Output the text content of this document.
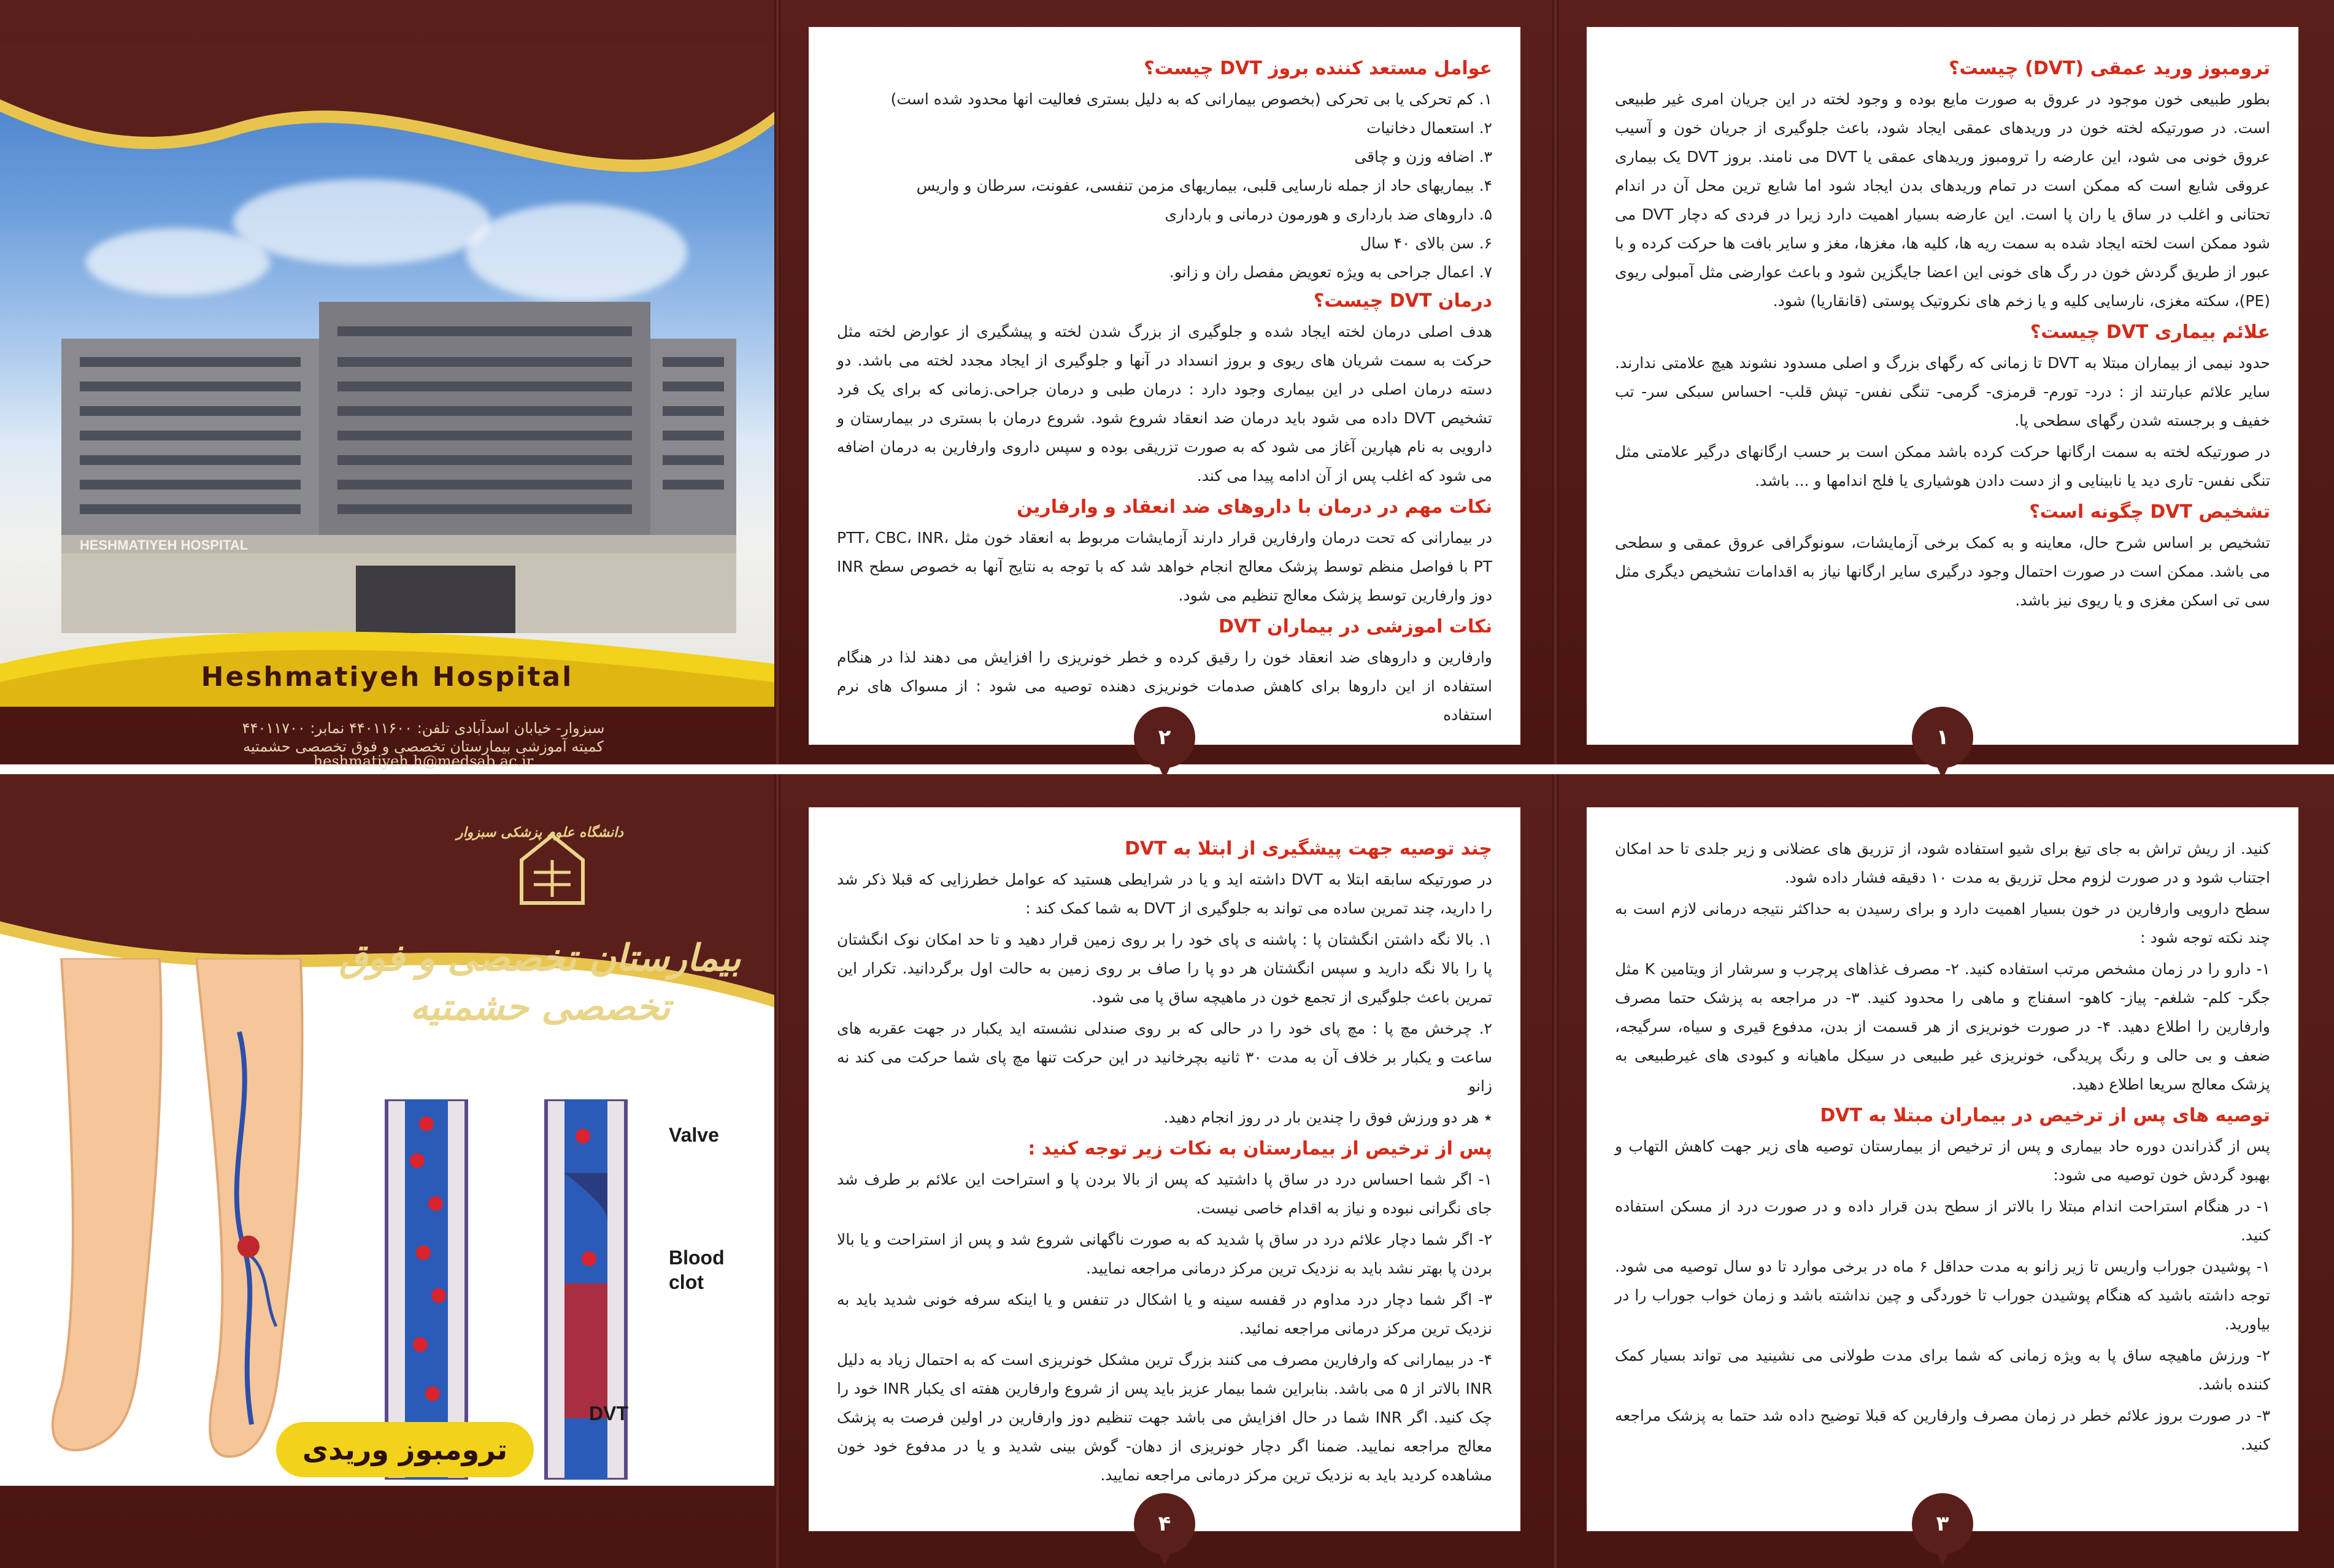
HESHMATIYEH HOSPITAL
Heshmatiyeh Hospital
سبزوار- خیابان اسدآبادی تلفن: ۴۴۰۱۱۶۰۰ نمابر: ۴۴۰۱۱۷۰۰
کمیته آموزشی بیمارستان تخصصی و فوق تخصصی حشمتیه
heshmatiyeh.h@medsab.ac.ir
عوامل مستعد کننده بروز DVT چیست؟

۱. کم تحرکی یا بی تحرکی (بخصوص بیمارانی که به دلیل بستری فعالیت انها محدود شده است)

۲. استعمال دخانیات

۳. اضافه وزن و چاقی

۴. بیماریهای حاد از جمله نارسایی قلبی، بیماریهای مزمن تنفسی، عفونت، سرطان و واریس

۵. داروهای ضد بارداری و هورمون درمانی و بارداری

۶. سن بالای ۴۰ سال

۷. اعمال جراحی به ویژه تعویض مفصل ران و زانو.

درمان DVT چیست؟

هدف اصلی درمان لخته ایجاد شده و جلوگیری از بزرگ شدن لخته و پیشگیری از عوارض لخته مثل حرکت به سمت شریان های ریوی و بروز انسداد در آنها و جلوگیری از ایجاد مجدد لخته می باشد. دو دسته درمان اصلی در این بیماری وجود دارد : درمان طبی و درمان جراحی.زمانی که برای یک فرد تشخیص DVT داده می شود باید درمان ضد انعقاد شروع شود. شروع درمان با بستری در بیمارستان و دارویی به نام هپارین آغاز می شود که به صورت تزریقی بوده و سپس داروی وارفارین به درمان اضافه می شود که اغلب پس از آن ادامه پیدا می کند.

نکات مهم در درمان با داروهای ضد انعقاد و وارفارین

در بیمارانی که تحت درمان وارفارین قرار دارند آزمایشات مربوط به انعقاد خون مثل PTT، CBC، INR، PT با فواصل منظم توسط پزشک معالج انجام خواهد شد که با توجه به نتایج آنها به خصوص سطح INR دوز وارفارین توسط پزشک معالج تنظیم می شود.

نکات اموزشی در بیماران DVT

وارفارین و داروهای ضد انعقاد خون را رقیق کرده و خطر خونریزی را افزایش می دهند لذا در هنگام استفاده از این داروها برای کاهش صدمات خونریزی دهنده توصیه می شود : از مسواک های نرم استفاده

۲
ترومبوز ورید عمقی (DVT) چیست؟

بطور طبیعی خون موجود در عروق به صورت مایع بوده و وجود لخته در این جریان امری غیر طبیعی است. در صورتیکه لخته خون در وریدهای عمقی ایجاد شود، باعث جلوگیری از جریان خون و آسیب عروق خونی می شود، این عارضه را ترومبوز وریدهای عمقی یا DVT می نامند. بروز DVT یک بیماری عروقی شایع است که ممکن است در تمام وریدهای بدن ایجاد شود اما شایع ترین محل آن در اندام تحتانی و اغلب در ساق یا ران پا است. این عارضه بسیار اهمیت دارد زیرا در فردی که دچار DVT می شود ممکن است لخته ایجاد شده به سمت ریه ها، کلیه ها، مغزها، مغز و سایر بافت ها حرکت کرده و با عبور از طریق گردش خون در رگ های خونی این اعضا جایگزین شود و باعث عوارضی مثل آمبولی ریوی (PE)، سکته مغزی، نارسایی کلیه و یا زخم های نکروتیک پوستی (قانقاریا) شود.

علائم بیماری DVT چیست؟

حدود نیمی از بیماران مبتلا به DVT تا زمانی که رگهای بزرگ و اصلی مسدود نشوند هیچ علامتی ندارند. سایر علائم عبارتند از : درد- تورم- قرمزی- گرمی- تنگی نفس- تپش قلب- احساس سبکی سر- تب خفیف و برجسته شدن رگهای سطحی پا.

در صورتیکه لخته به سمت ارگانها حرکت کرده باشد ممکن است بر حسب ارگانهای درگیر علامتی مثل تنگی نفس- تاری دید یا نابینایی و از دست دادن هوشیاری یا فلج اندامها و ... باشد.

تشخیص DVT چگونه است؟

تشخیص بر اساس شرح حال، معاینه و به کمک برخی آزمایشات، سونوگرافی عروق عمقی و سطحی می باشد. ممکن است در صورت احتمال وجود درگیری سایر ارگانها نیاز به اقدامات تشخیص دیگری مثل سی تی اسکن مغزی و یا ریوی نیز باشد.

۱
دانشگاه علوم پزشکی سبزوار
بیمارستان تخصصی و فوق تخصصی حشمتیه
Valve
Blood clot
DVT
ترومبوز وریدی
چند توصیه جهت پیشگیری از ابتلا به DVT

در صورتیکه سابقه ابتلا به DVT داشته اید و یا در شرایطی هستید که عوامل خطرزایی که قبلا ذکر شد را دارید، چند تمرین ساده می تواند به جلوگیری از DVT به شما کمک کند :

۱. بالا نگه داشتن انگشتان پا : پاشنه ی پای خود را بر روی زمین قرار دهید و تا حد امکان نوک انگشتان پا را بالا نگه دارید و سپس انگشتان هر دو پا را صاف بر روی زمین به حالت اول برگردانید. تکرار این تمرین باعث جلوگیری از تجمع خون در ماهیچه ساق پا می شود.

۲. چرخش مچ پا : مچ پای خود را در حالی که بر روی صندلی نشسته اید یکبار در جهت عقربه های ساعت و یکبار بر خلاف آن به مدت ۳۰ ثانیه بچرخانید در این حرکت تنها مچ پای شما حرکت می کند نه زانو

٭ هر دو ورزش فوق را چندین بار در روز انجام دهید.

پس از ترخیص از بیمارستان به نکات زیر توجه کنید :

۱- اگر شما احساس درد در ساق پا داشتید که پس از بالا بردن پا و استراحت این علائم بر طرف شد جای نگرانی نبوده و نیاز به اقدام خاصی نیست.

۲- اگر شما دچار علائم درد در ساق پا شدید که به صورت ناگهانی شروع شد و پس از استراحت و یا بالا بردن پا بهتر نشد باید به نزدیک ترین مرکز درمانی مراجعه نمایید.

۳- اگر شما دچار درد مداوم در قفسه سینه و یا اشکال در تنفس و یا اینکه سرفه خونی شدید باید به نزدیک ترین مرکز درمانی مراجعه نمائید.

۴- در بیمارانی که وارفارین مصرف می کنند بزرگ ترین مشکل خونریزی است که به احتمال زیاد به دلیل INR بالاتر از ۵ می باشد. بنابراین شما بیمار عزیز باید پس از شروع وارفارین هفته ای یکبار INR خود را چک کنید. اگر INR شما در حال افزایش می باشد جهت تنظیم دوز وارفارین در اولین فرصت به پزشک معالج مراجعه نمایید. ضمنا اگر دچار خونریزی از دهان- گوش بینی شدید و یا در مدفوع خود خون مشاهده کردید باید به نزدیک ترین مرکز درمانی مراجعه نمایید.

۴

کنید. از ریش تراش به جای تیغ برای شیو استفاده شود، از تزریق های عضلانی و زیر جلدی تا حد امکان اجتناب شود و در صورت لزوم محل تزریق به مدت ۱۰ دقیقه فشار داده شود.

سطح دارویی وارفارین در خون بسیار اهمیت دارد و برای رسیدن به حداکثر نتیجه درمانی لازم است به چند نکته توجه شود :

۱- دارو را در زمان مشخص مرتب استفاده کنید. ۲- مصرف غذاهای پرچرب و سرشار از ویتامین K مثل جگر- کلم- شلغم- پیاز- کاهو- اسفناج و ماهی را محدود کنید. ۳- در مراجعه به پزشک حتما مصرف وارفارین را اطلاع دهید. ۴- در صورت خونریزی از هر قسمت از بدن، مدفوع قیری و سیاه، سرگیجه، ضعف و بی حالی و رنگ پریدگی، خونریزی غیر طبیعی در سیکل ماهیانه و کبودی های غیرطبیعی به پزشک معالج سریعا اطلاع دهید.

توصیه های پس از ترخیص در بیماران مبتلا به DVT

پس از گذراندن دوره حاد بیماری و پس از ترخیص از بیمارستان توصیه های زیر جهت کاهش التهاب و بهبود گردش خون توصیه می شود:

۱- در هنگام استراحت اندام مبتلا را بالاتر از سطح بدن قرار داده و در صورت درد از مسکن استفاده کنید.

۱- پوشیدن جوراب واریس تا زیر زانو به مدت حداقل ۶ ماه در برخی موارد تا دو سال توصیه می شود. توجه داشته باشید که هنگام پوشیدن جوراب تا خوردگی و چین نداشته باشد و زمان خواب جوراب را در بیاورید.

۲- ورزش ماهیچه ساق پا به ویژه زمانی که شما برای مدت طولانی می نشینید می تواند بسیار کمک کننده باشد.

۳- در صورت بروز علائم خطر در زمان مصرف وارفارین که قبلا توضیح داده شد حتما به پزشک مراجعه کنید.

۳
